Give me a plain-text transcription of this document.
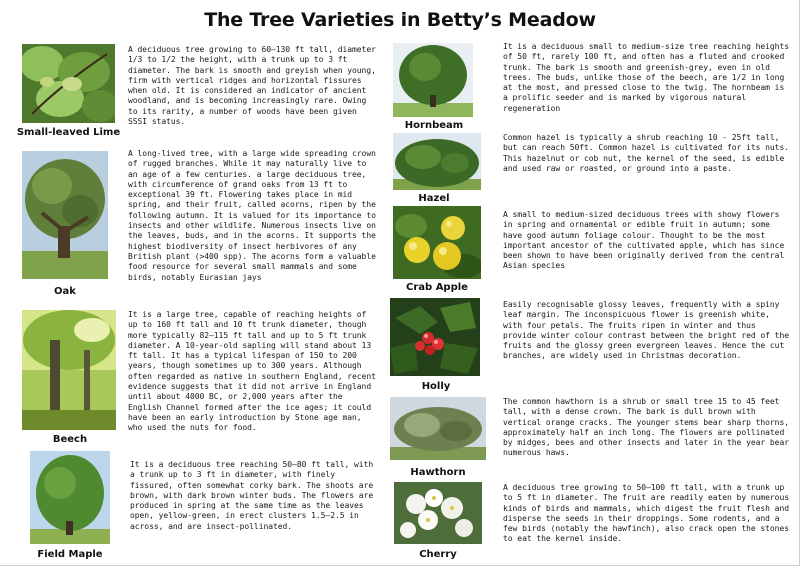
The Tree Varieties in Betty’s Meadow
Small-leaved Lime

A deciduous tree growing to 60–130 ft tall, diameter 1/3 to 1/2 the height, with a trunk up to 3 ft diameter. The bark is smooth and greyish when young, firm with vertical ridges and horizontal fissures when old. It is considered an indicator of ancient woodland, and is becoming increasingly rare. Owing to its rarity, a number of woods have been given SSSI status.

Oak

A long-lived tree, with a large wide spreading crown of rugged branches. While it may naturally live to an age of a few centuries. a large deciduous tree, with circumference of grand oaks from 13 ft to exceptional 39 ft. Flowering takes place in mid spring, and their fruit, called acorns, ripen by the following autumn. It is valued for its importance to insects and other wildlife. Numerous insects live on the leaves, buds, and in the acorns. It supports the highest biodiversity of insect herbivores of any British plant (>400 spp). The acorns form a valuable food resource for several small mammals and some birds, notably Eurasian jays

Beech

It is a large tree, capable of reaching heights of up to 160 ft tall and 10 ft trunk diameter, though more typically 82–115 ft tall and up to 5 ft trunk diameter. A 10-year-old sapling will stand about 13 ft tall. It has a typical lifespan of 150 to 200 years, though sometimes up to 300 years. Although often regarded as native in southern England, recent evidence suggests that it did not arrive in England until about 4000 BC, or 2,000 years after the English Channel formed after the ice ages; it could have been an early introduction by Stone age man, who used the nuts for food.

Field Maple

It is a deciduous tree reaching 50–80 ft tall, with a trunk up to 3 ft in diameter, with finely fissured, often somewhat corky bark. The shoots are brown, with dark brown winter buds. The flowers are produced in spring at the same time as the leaves open, yellow-green, in erect clusters 1.5–2.5 in across, and are insect-pollinated.

Hornbeam

It is a deciduous small to medium-size tree reaching heights of 50 ft, rarely 100 ft, and often has a fluted and crooked trunk. The bark is smooth and greenish-grey, even in old trees. The buds, unlike those of the beech, are 1/2 in long at the most, and pressed close to the twig. The hornbeam is a prolific seeder and is marked by vigorous natural regeneration

Hazel

Common hazel is typically a shrub reaching 10 - 25ft tall, but can reach 50ft. Common hazel is cultivated for its nuts. This hazelnut or cob nut, the kernel of the seed, is edible and used raw or roasted, or ground into a paste.

Crab Apple

A small to medium-sized deciduous trees with showy flowers in spring and ornamental or edible fruit in autumn; some have good autumn foliage colour. Thought to be the most important ancestor of the cultivated apple, which has since been shown to have been originally derived from the central Asian species

Holly

Easily recognisable glossy leaves, frequently with a spiny leaf margin. The inconspicuous flower is greenish white, with four petals. The fruits ripen in winter and thus provide winter colour contrast between the bright red of the fruits and the glossy green evergreen leaves. Hence the cut branches, are widely used in Christmas decoration.

Hawthorn

The common hawthorn is a shrub or small tree 15 to 45 feet tall, with a dense crown. The bark is dull brown with vertical orange cracks. The younger stems bear sharp thorns, approximately half an inch long. The flowers are pollinated by midges, bees and other insects and later in the year bear numerous haws.

Cherry

A deciduous tree growing to 50–100 ft tall, with a trunk up to 5 ft in diameter. The fruit are readily eaten by numerous kinds of birds and mammals, which digest the fruit flesh and disperse the seeds in their droppings. Some rodents, and a few birds (notably the hawfinch), also crack open the stones to eat the kernel inside.
